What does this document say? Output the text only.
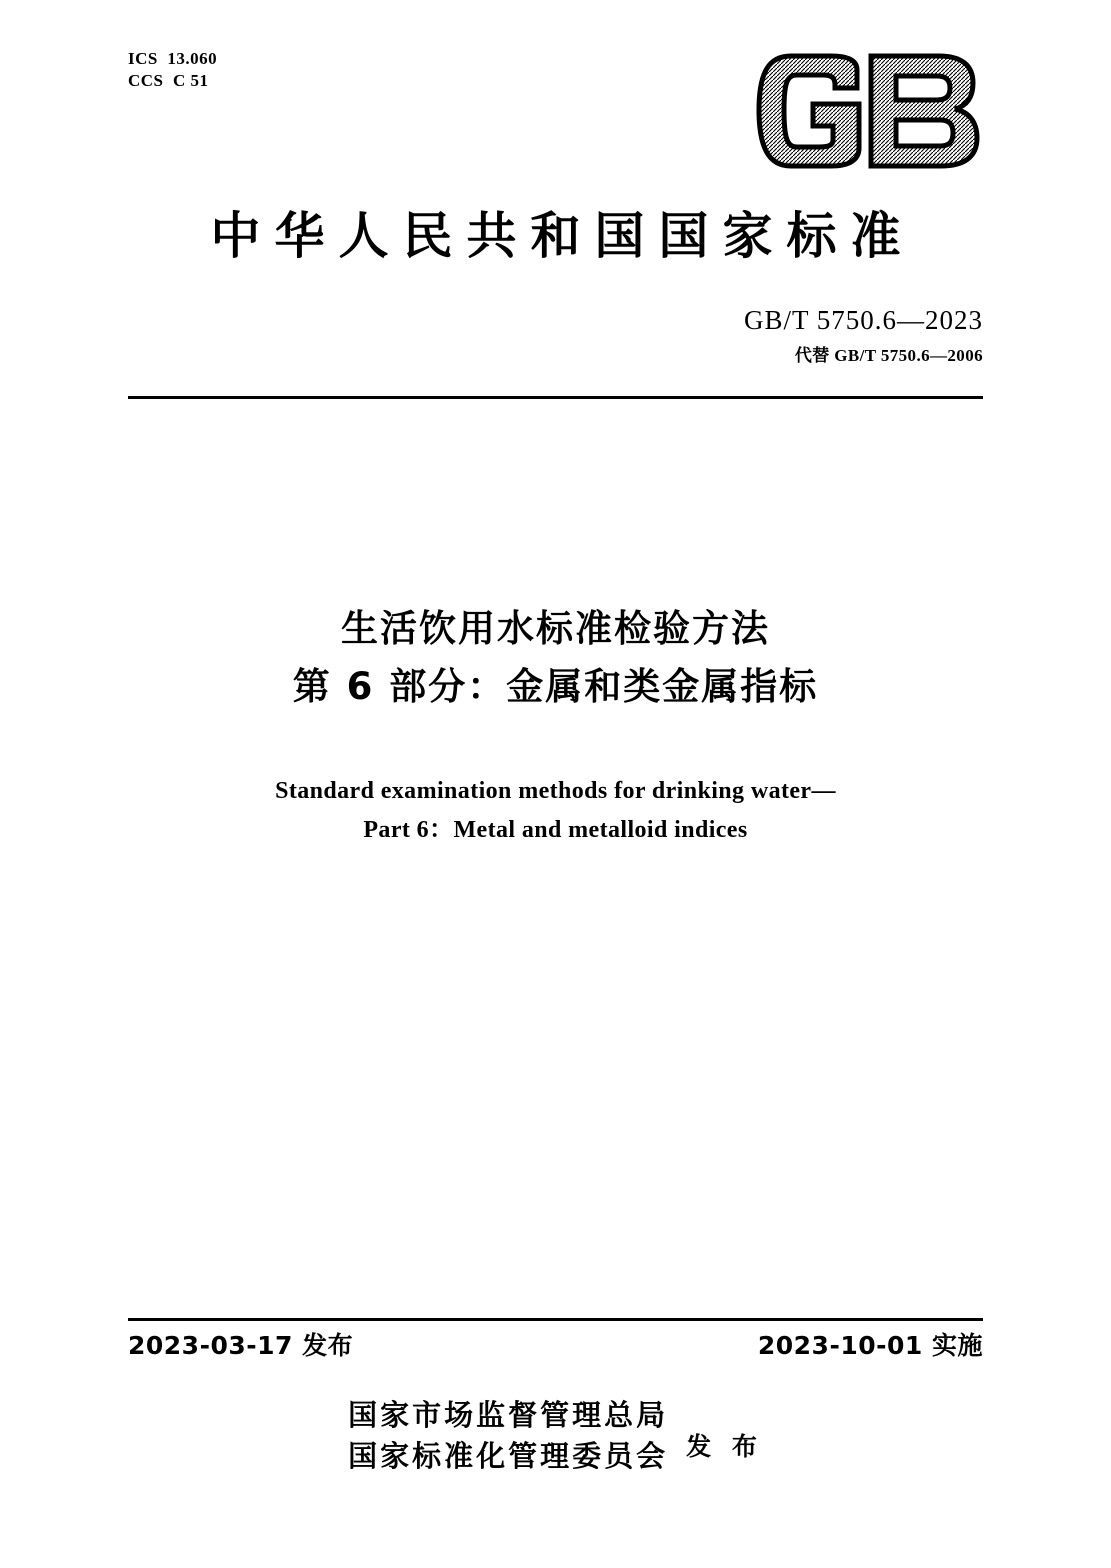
ICS  13.060
CCS  C 51
中华人民共和国国家标准
GB/T 5750.6—2023
代替 GB/T 5750.6—2006
生活饮用水标准检验方法
第 6 部分：金属和类金属指标
Standard examination methods for drinking water—
Part 6：Metal and metalloid indices
2023-03-17 发布	2023-10-01 实施
国家市场监督管理总局
国家标准化管理委员会 发 布
